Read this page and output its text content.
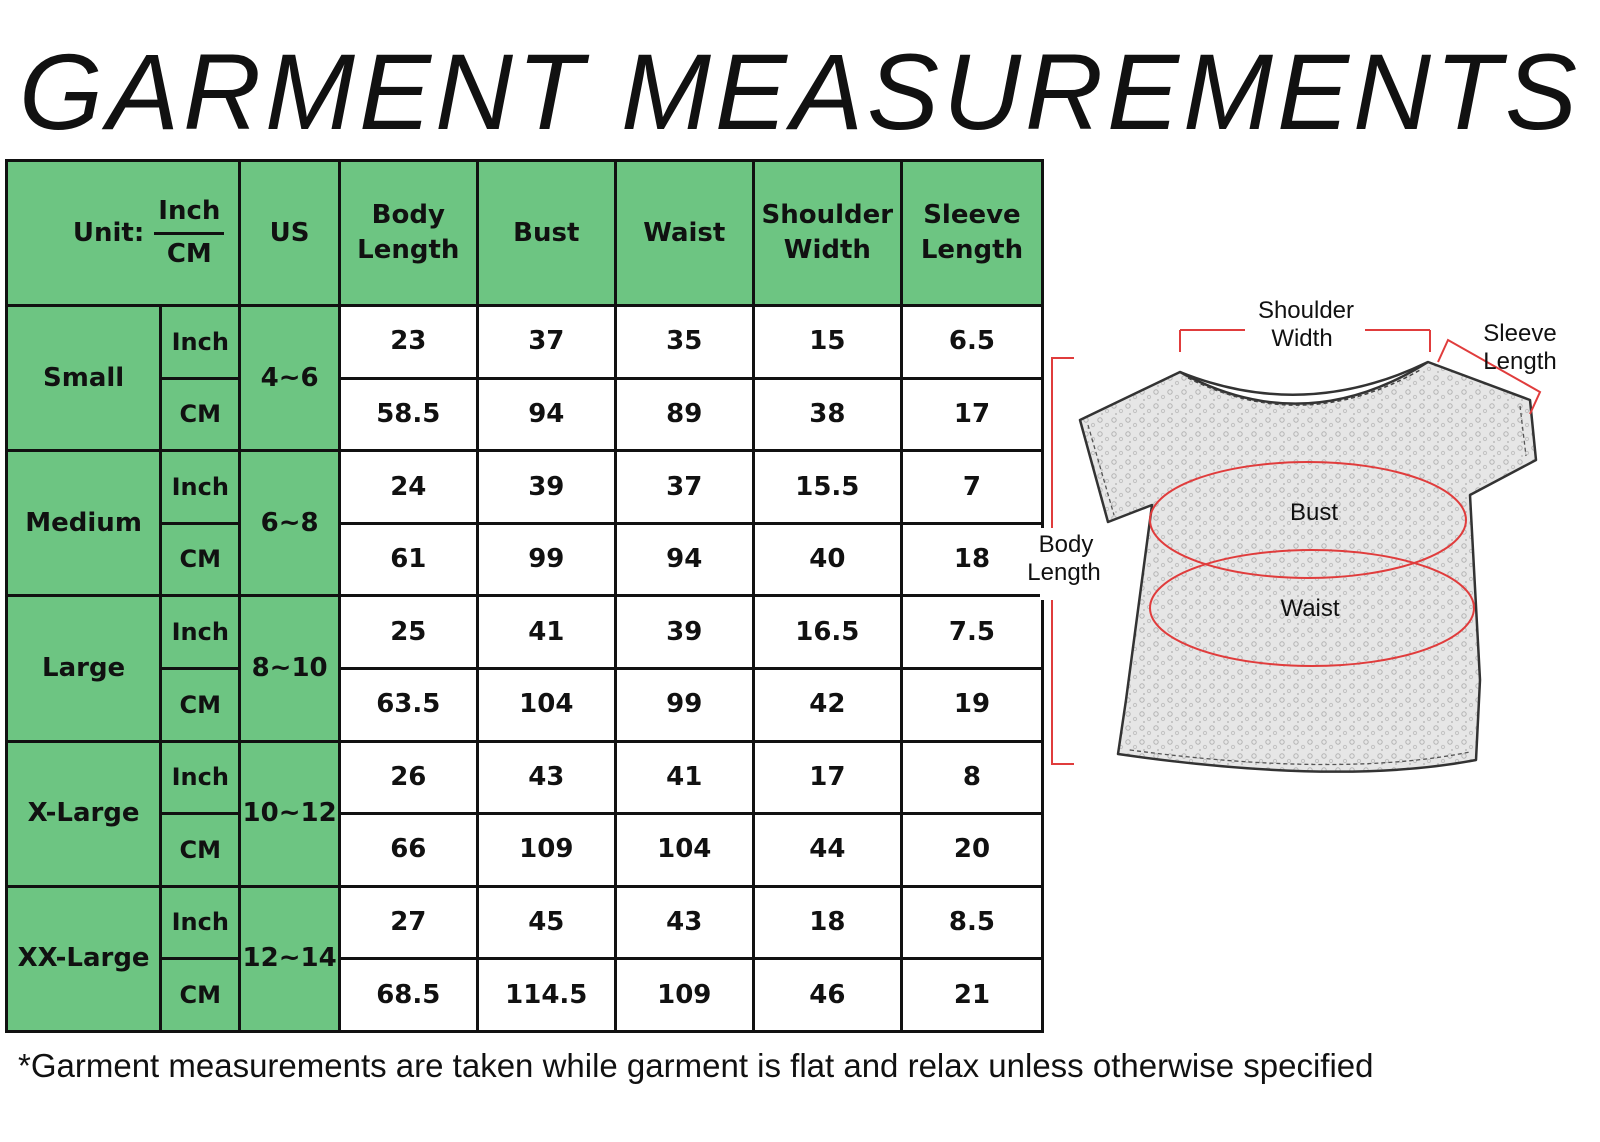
GARMENT MEASUREMENTS
Unit: $\frac{\text{Inch}}{CM}$		US	Body Length	Bust	Waist	Shoulder Width	Sleeve Length
Small	Inch	4~6	23	37	35	15	6.5
	CM		58.5	94	89	38	17
Medium	Inch	6~8	24	39	37	15.5	7
	CM		61	99	94	40	18
Large	Inch	8~10	25	41	39	16.5	7.5
	CM		63.5	104	99	42	19
X-Large	Inch	10~12	26	43	41	17	8
	CM		66	109	104	44	20
XX-Large	Inch	12~14	27	45	43	18	8.5
	CM		68.5	114.5	109	46	21
Shoulder
Width	Sleeve
Length
Body
Length
Bust
Waist
*Garment measurements are taken while garment is flat and relax unless otherwise specified
